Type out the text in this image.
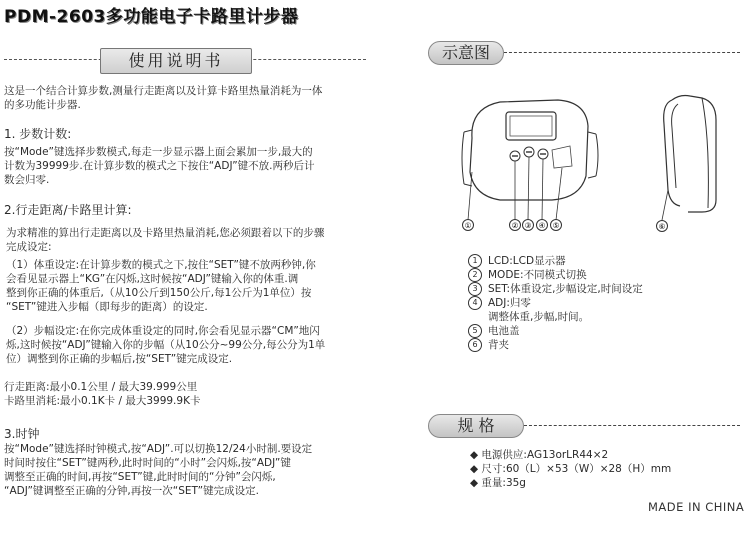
PDM-2603多功能电子卡路里计步器
使用说明书
这是一个结合计算步数,测量行走距离以及计算卡路里热量消耗为一体
的多功能计步器.
1. 步数计数:
按“Mode”键选择步数模式,每走一步显示器上面会累加一步,最大的
计数为39999步.在计算步数的模式之下按住“ADJ”键不放.两秒后计
数会归零.
2.行走距离/卡路里计算:
为求精准的算出行走距离以及卡路里热量消耗,您必须跟着以下的步骤
完成设定:
（1）体重设定:在计算步数的模式之下,按住“SET”键不放两秒钟,你
会看见显示器上“KG”在闪烁,这时候按“ADJ”键输入你的体重.调
整到你正确的体重后,（从10公斤到150公斤,每1公斤为1单位）按
“SET”键进入步幅（即每步的距离）的设定.
（2）步幅设定:在你完成体重设定的同时,你会看见显示器“CM”地闪
烁,这时候按“ADJ”键输入你的步幅（从10公分~99公分,每公分为1单
位）调整到你正确的步幅后,按“SET”键完成设定.
行走距离:最小0.1公里 / 最大39.999公里
卡路里消耗:最小0.1K卡 / 最大3999.9K卡
3.时钟
按“Mode”键选择时钟模式,按“ADJ”.可以切换12/24小时制.要设定
时间时按住“SET”键两秒,此时时间的“小时”会闪烁,按“ADJ”键
调整至正确的时间,再按“SET”键,此时时间的“分钟”会闪烁,
“ADJ”键调整至正确的分钟,再按一次“SET”键完成设定.
示意图
①	② ③ ④ ⑤	⑥
1 LCD:LCD显示器
2 MODE:不同模式切换
3 SET:体重设定,步幅设定,时间设定
4 ADJ:归零
调整体重,步幅,时间。
5 电池盖
6 背夹
规 格
◆ 电源供应:AG13orLR44×2
◆ 尺寸:60（L）×53（W）×28（H）mm
◆ 重量:35g
MADE IN CHINA
